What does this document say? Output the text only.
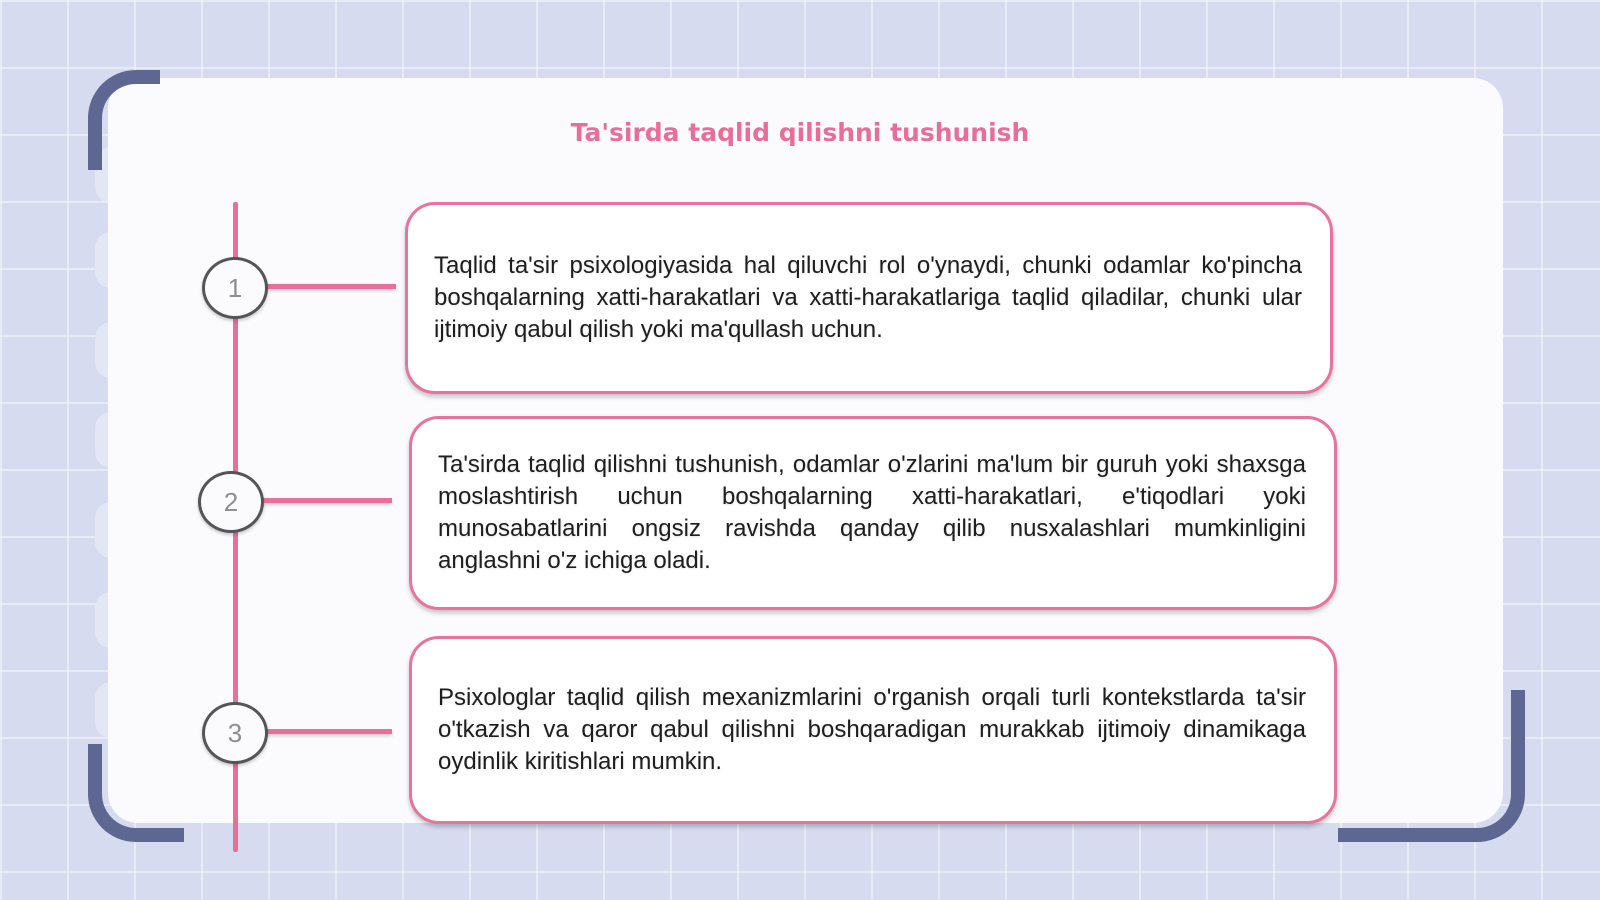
Ta'sirda taqlid qilishni tushunish
1

Taqlid ta'sir psixologiyasida hal qiluvchi rol o'ynaydi, chunki odamlar ko'pincha boshqalarning xatti-harakatlari va xatti-harakatlariga taqlid qiladilar, chunki ular ijtimoiy qabul qilish yoki ma'qullash uchun.

2

Ta'sirda taqlid qilishni tushunish, odamlar o'zlarini ma'lum bir guruh yoki shaxsga moslashtirish uchun boshqalarning xatti-harakatlari, e'tiqodlari yoki munosabatlarini ongsiz ravishda qanday qilib nusxalashlari mumkinligini anglashni o'z ichiga oladi.

3

Psixologlar taqlid qilish mexanizmlarini o'rganish orqali turli kontekstlarda ta'sir o'tkazish va qaror qabul qilishni boshqaradigan murakkab ijtimoiy dinamikaga oydinlik kiritishlari mumkin.
